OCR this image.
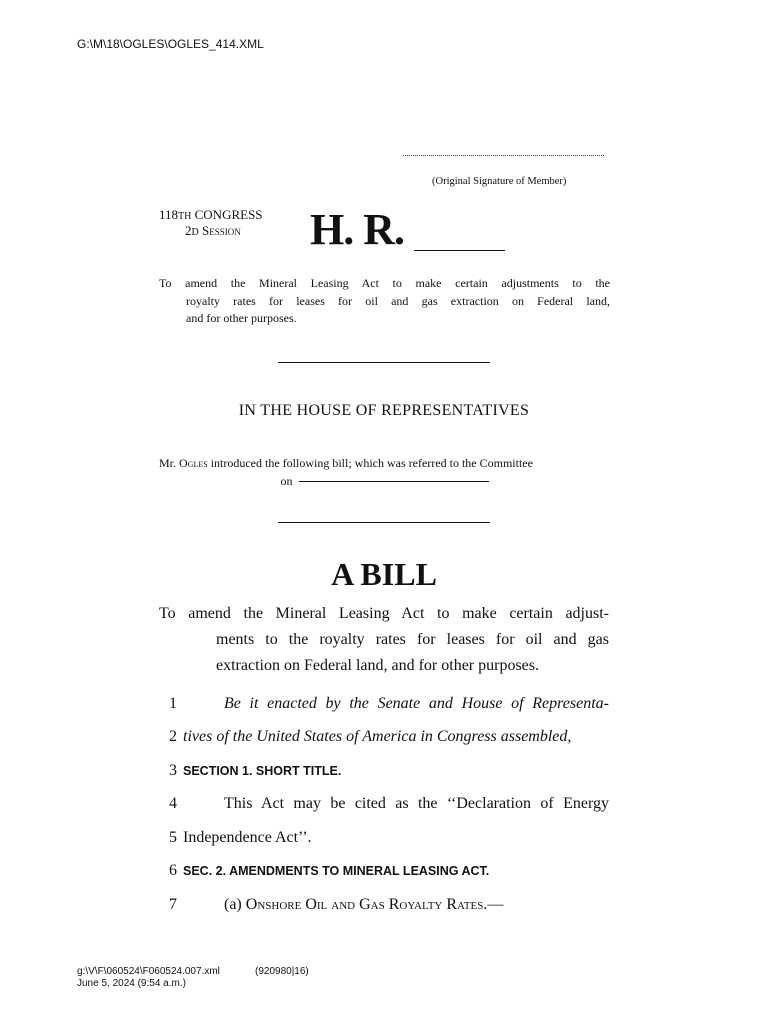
G:\M\18\OGLES\OGLES_414.XML
(Original Signature of Member)
118TH CONGRESS
2D Session H. R.
To amend the Mineral Leasing Act to make certain adjustments to the
royalty rates for leases for oil and gas extraction on Federal land,
and for other purposes.
IN THE HOUSE OF REPRESENTATIVES
Mr. Ogles introduced the following bill; which was referred to the Committee
on
A BILL
To amend the Mineral Leasing Act to make certain adjust-
ments to the royalty rates for leases for oil and gas
extraction on Federal land, and for other purposes.
1	Be it enacted by the Senate and House of Representa-
2 tives of the United States of America in Congress assembled,
3 SECTION 1. SHORT TITLE.
4	This Act may be cited as the ‘‘Declaration of Energy
5 Independence Act’’.
6 SEC. 2. AMENDMENTS TO MINERAL LEASING ACT.
7	(a) Onshore Oil and Gas Royalty Rates.—
g:\V\F\060524\F060524.007.xml
June 5, 2024 (9:54 a.m.)
(920980|16)
